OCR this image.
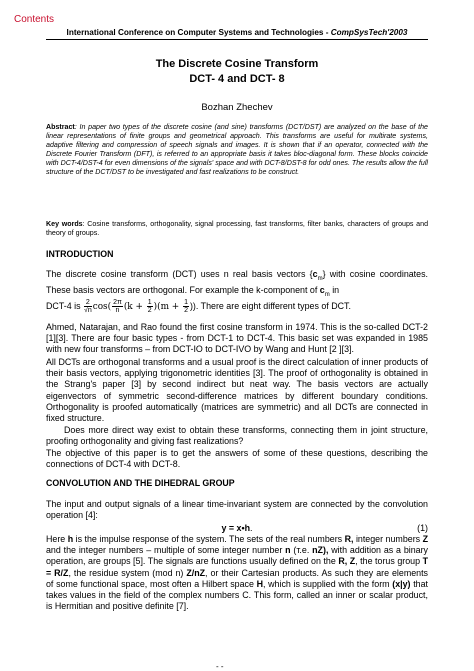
Contents
International Conference on Computer Systems and Technologies - CompSysTech'2003
The Discrete Cosine Transform
DCT- 4 and DCT- 8
Bozhan Zhechev
Abstract: In paper two types of the discrete cosine (and sine) transforms (DCT/DST) are analyzed on the base of the linear representations of finite groups and geometrical approach. This transforms are useful for multirate systems, adaptive filtering and compression of speech signals and images. It is shown that if an operator, connected with the Discrete Fourier Transform (DFT), is referred to an appropriate basis it takes bloc-diagonal form. These blocks coincide with DCT-4/DST-4 for even dimensions of the signals' space and with DCT-8/DST-8 for odd ones. The results allow the full structure of the DCT/DST to be investigated and fast realizations to be construct.
Key words: Cosine transforms, orthogonality, signal processing, fast transforms, filter banks, characters of groups and theory of groups.
INTRODUCTION
The discrete cosine transform (DCT) uses n real basis vectors $\{c_m\}$ with cosine coordinates. These basis vectors are orthogonal. For example the k-component of $c_m$ in
DCT-4 is $\frac{2}{√n} \cos( \frac{2\pi}{n} (k + \frac{1}{2} )(m + \frac{1}{2}$ )). There are eight different types of DCT.
Ahmed, Natarajan, and Rao found the first cosine transform in 1974. This is the so-called DCT-2 [1][3]. There are four basic types - from DCT-1 to DCT-4. This basic set was expanded in 1985 with new four transforms – from DCT-IO to DCT-IVO by Wang and Hunt [2 ][3].
All DCTs are orthogonal transforms and a usual proof is the direct calculation of inner products of their basis vectors, applying trigonometric identities [3]. The proof of orthogonality is obtained in the Strang's paper [3] by second indirect but neat way. The basis vectors are actually eigenvectors of symmetric second-difference matrices by different boundary conditions. Orthogonality is proofed automatically (matrices are symmetric) and all DCTs are connected in fixed structure.
Does more direct way exist to obtain these transforms, connecting them in joint structure, proofing orthogonality and giving fast realizations?
The objective of this paper is to get the answers of some of these questions, describing the connections of DCT-4 with DCT-8.
CONVOLUTION AND THE DIHEDRAL GROUP
The input and output signals of a linear time-invariant system are connected by the convolution operation [4]:
y = x•h.	(1)
Here h is the impulse response of the system. The sets of the real numbers R, integer numbers Z and the integer numbers – multiple of some integer number n (т.е. nZ), with addition as a binary operation, are groups [5]. The signals are functions usually defined on the R, Z, the torus group T = R/Z, the residue system (mod n) Z/nZ, or their Cartesian products. As such they are elements of some functional space, most often a Hilbert space H, which is supplied with the form (x|y) that takes values in the field of the complex numbers C. This form, called an inner or scalar product, is Hermitian and positive definite [7].
- -
